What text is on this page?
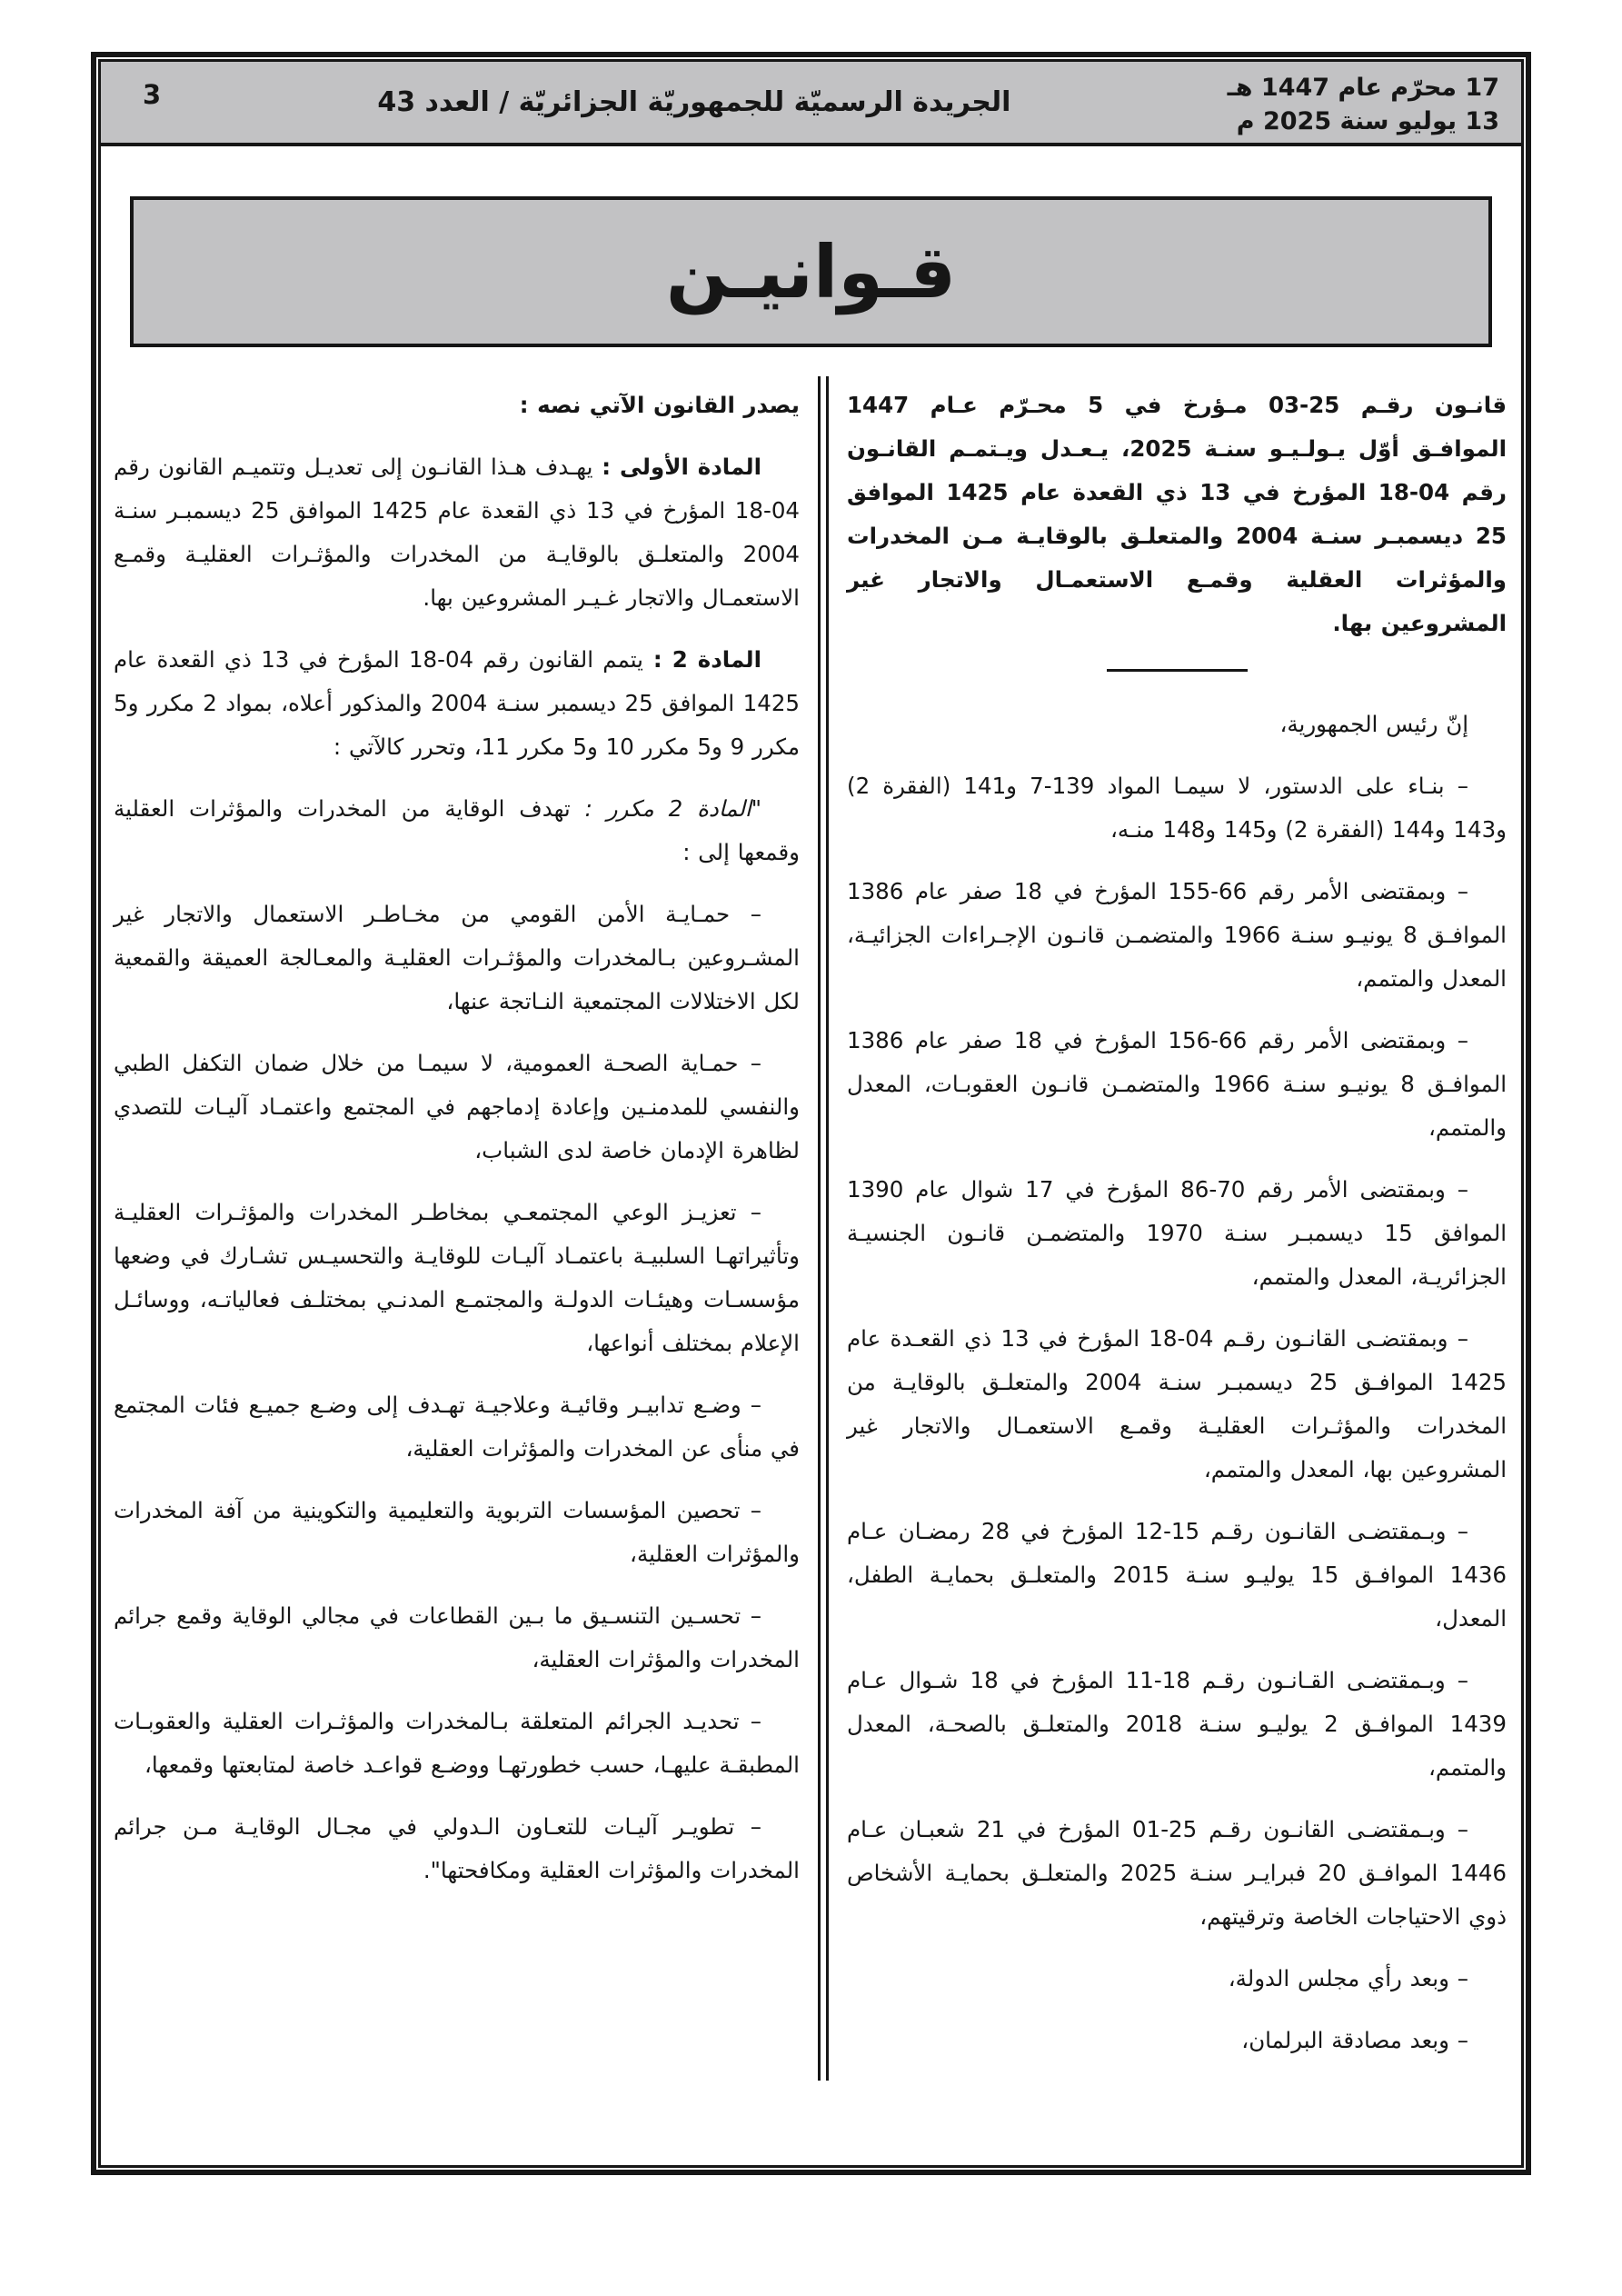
17 محرّم عام 1447 هـ
13 يوليو سنة 2025 م
الجريدة الرسميّة للجمهوريّة الجزائريّة / العدد 43
3
قـوانيـن

قانـون رقـم 25-03 مـؤرخ في 5 محـرّم عـام 1447 الموافـق أوّل يـولـيـو سنـة 2025، يـعـدل ويـتمـم القانـون رقم 04-18 المؤرخ في 13 ذي القعدة عام 1425 الموافق 25 ديسمبـر سنـة 2004 والمتعلـق بالوقايـة مـن المخدرات والمؤثرات العقلية وقمـع الاستعمـال والاتجار غير المشروعين بها.

إنّ رئيس الجمهورية،

– بنـاء على الدستور، لا سيمـا المواد 139-7 و141 (الفقرة 2) و143 و144 (الفقرة 2) و145 و148 منـه،

– وبمقتضى الأمر رقم 66-155 المؤرخ في 18 صفر عام 1386 الموافـق 8 يونيـو سنـة 1966 والمتضمـن قانـون الإجـراءات الجزائيـة، المعدل والمتمم،

– وبمقتضى الأمر رقم 66-156 المؤرخ في 18 صفر عام 1386 الموافـق 8 يونيـو سنـة 1966 والمتضمـن قانـون العقوبـات، المعدل والمتمم،

– وبمقتضى الأمر رقم 70-86 المؤرخ في 17 شوال عام 1390 الموافق 15 ديسمبـر سنـة 1970 والمتضمـن قانـون الجنسيـة الجزائريـة، المعدل والمتمم،

– وبمقتضـى القانـون رقـم 04-18 المؤرخ في 13 ذي القعـدة عام 1425 الموافـق 25 ديسمبـر سنـة 2004 والمتعلـق بالوقايـة من المخدرات والمؤثـرات العقليـة وقمـع الاستعمـال والاتجار غير المشروعين بها، المعدل والمتمم،

– وبـمقتضـى القانـون رقـم 15-12 المؤرخ في 28 رمضـان عـام 1436 الموافـق 15 يوليـو سنـة 2015 والمتعلـق بحمايـة الطفل، المعدل،

– وبـمقتضـى القـانـون رقـم 18-11 المؤرخ في 18 شـوال عـام 1439 الموافـق 2 يوليـو سنـة 2018 والمتعلـق بالصحـة، المعدل والمتمم،

– وبـمقتضـى القانـون رقـم 25-01 المؤرخ في 21 شعبـان عـام 1446 الموافـق 20 فبرايـر سنـة 2025 والمتعلـق بحمايـة الأشخاص ذوي الاحتياجات الخاصة وترقيتهم،

– وبعد رأي مجلس الدولة،

– وبعد مصادقة البرلمان،

يصدر القانون الآتي نصه :

المادة الأولى : يهـدف هـذا القانـون إلى تعديـل وتتميـم القانون رقم 04-18 المؤرخ في 13 ذي القعدة عام 1425 الموافق 25 ديسمبـر سنـة 2004 والمتعلـق بالوقايـة من المخدرات والمؤثـرات العقليـة وقمـع الاستعمـال والاتجار غـيـر المشروعين بها.

المادة 2 : يتمم القانون رقم 04-18 المؤرخ في 13 ذي القعدة عام 1425 الموافق 25 ديسمبر سنـة 2004 والمذكور أعلاه، بمواد 2 مكرر و5 مكرر 9 و5 مكرر 10 و5 مكرر 11، وتحرر كالآتي :

"المادة 2 مكرر : تهدف الوقاية من المخدرات والمؤثرات العقلية وقمعها إلى :

– حمـايـة الأمن القومي من مخـاطـر الاستعمال والاتجار غير المشـروعين بـالمخدرات والمؤثـرات العقليـة والمعـالجة العميقة والقمعية لكل الاختلالات المجتمعية النـاتجة عنها،

– حمـاية الصحـة العمومية، لا سيمـا من خلال ضمان التكفل الطبي والنفسي للمدمنـين وإعادة إدماجهم في المجتمع واعتمـاد آليـات للتصدي لظاهرة الإدمان خاصة لدى الشباب،

– تعزيـز الوعي المجتمعـي بمخاطـر المخدرات والمؤثـرات العقليـة وتأثيراتهـا السلبيـة باعتمـاد آليـات للوقايـة والتحسيـس تشـارك في وضعها مؤسسـات وهيئـات الدولـة والمجتمـع المدنـي بمختلـف فعالياتـه، ووسائـل الإعلام بمختلف أنواعها،

– وضـع تدابيـر وقائيـة وعلاجيـة تهـدف إلى وضـع جميـع فئات المجتمع في منأى عن المخدرات والمؤثرات العقلية،

– تحصين المؤسسات التربوية والتعليمية والتكوينية من آفة المخدرات والمؤثرات العقلية،

– تحسـين التنسـيق ما بـين القطاعات في مجالي الوقاية وقمع جرائم المخدرات والمؤثرات العقلية،

– تحديـد الجرائم المتعلقة بـالمخدرات والمؤثـرات العقلية والعقوبـات المطبقـة عليهـا، حسب خطورتهـا ووضـع قواعـد خاصة لمتابعتها وقمعها،

– تطويـر آليـات للتعـاون الـدولي في مجـال الوقايـة مـن جرائم المخدرات والمؤثرات العقلية ومكافحتها".
